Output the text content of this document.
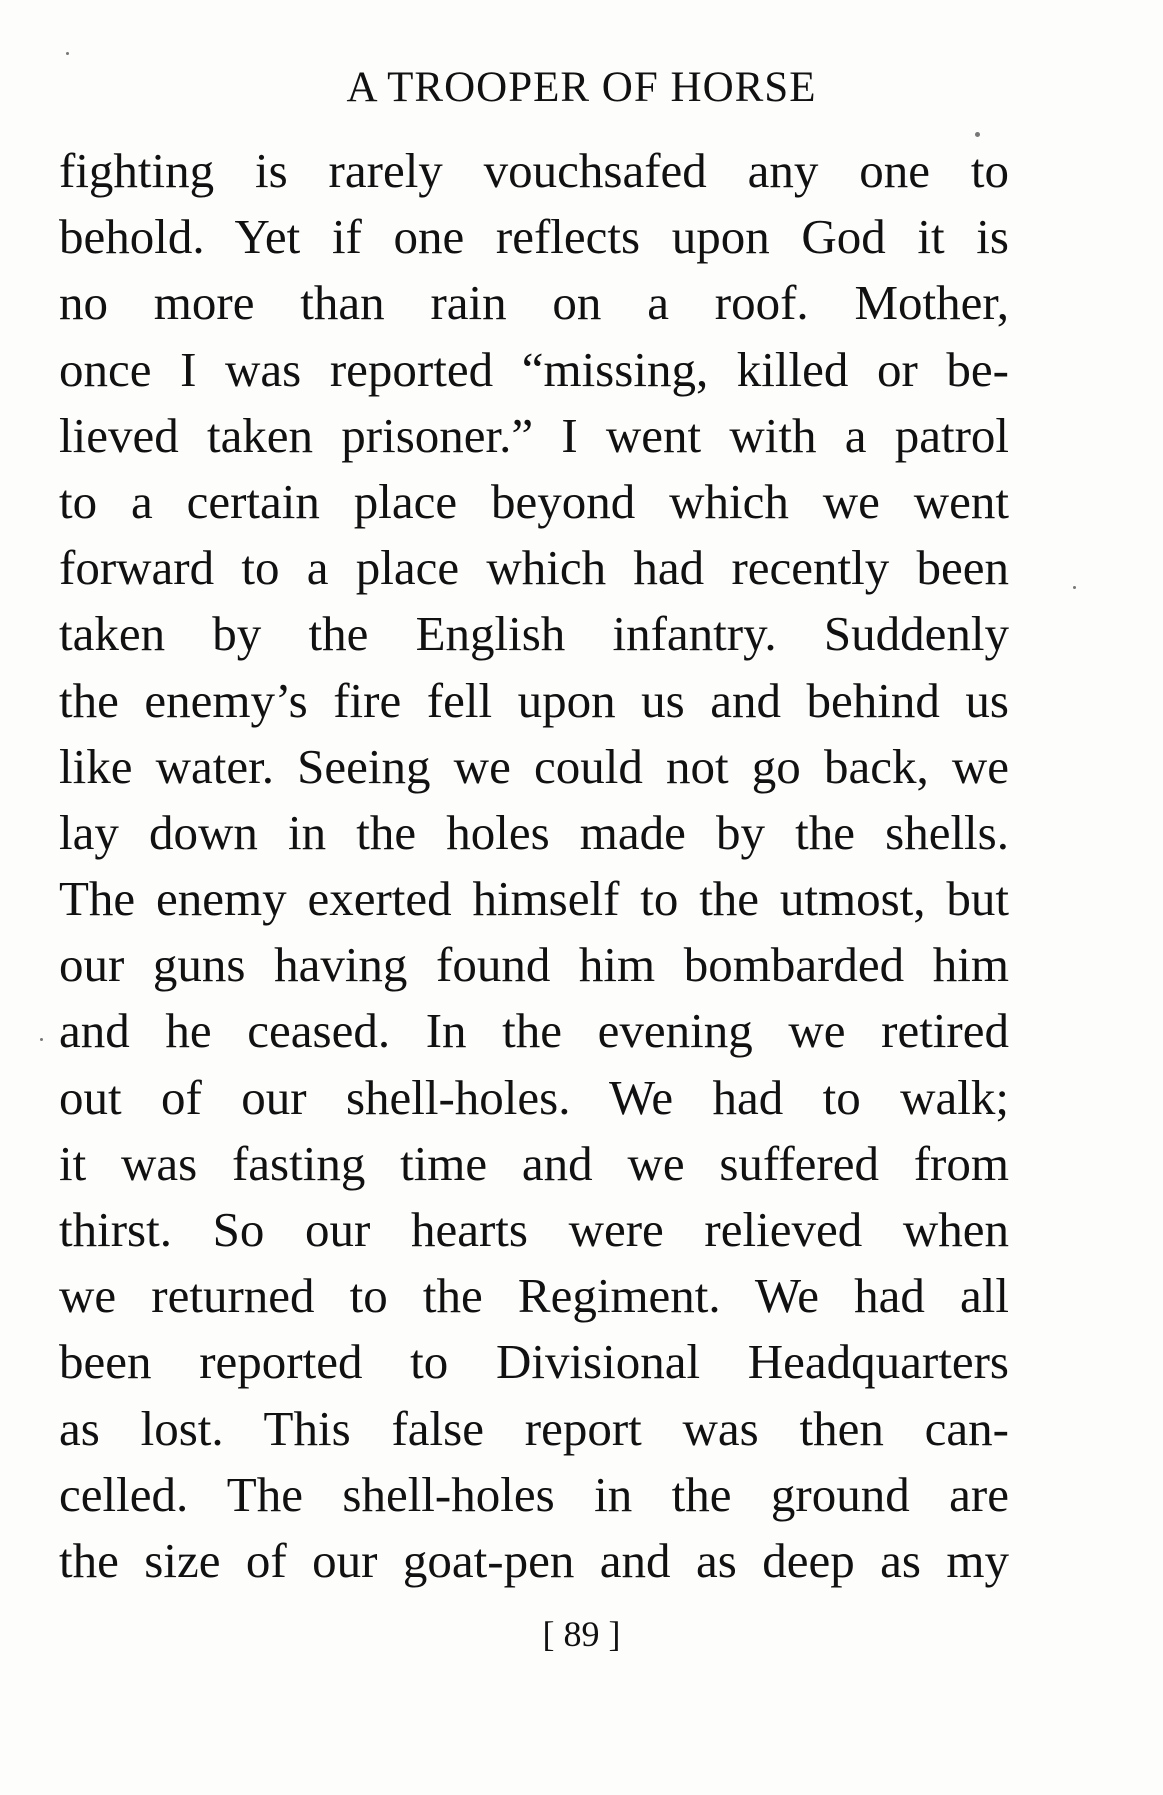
A TROOPER OF HORSE
fighting is rarely vouchsafed any one to
behold. Yet if one reflects upon God it is
no more than rain on a roof. Mother,
once I was reported “missing, killed or be-
lieved taken prisoner.” I went with a patrol
to a certain place beyond which we went
forward to a place which had recently been
taken by the English infantry. Suddenly
the enemy’s fire fell upon us and behind us
like water. Seeing we could not go back, we
lay down in the holes made by the shells.
The enemy exerted himself to the utmost, but
our guns having found him bombarded him
and he ceased. In the evening we retired
out of our shell-holes. We had to walk;
it was fasting time and we suffered from
thirst. So our hearts were relieved when
we returned to the Regiment. We had all
been reported to Divisional Headquarters
as lost. This false report was then can-
celled. The shell-holes in the ground are
the size of our goat-pen and as deep as my
[ 89 ]
